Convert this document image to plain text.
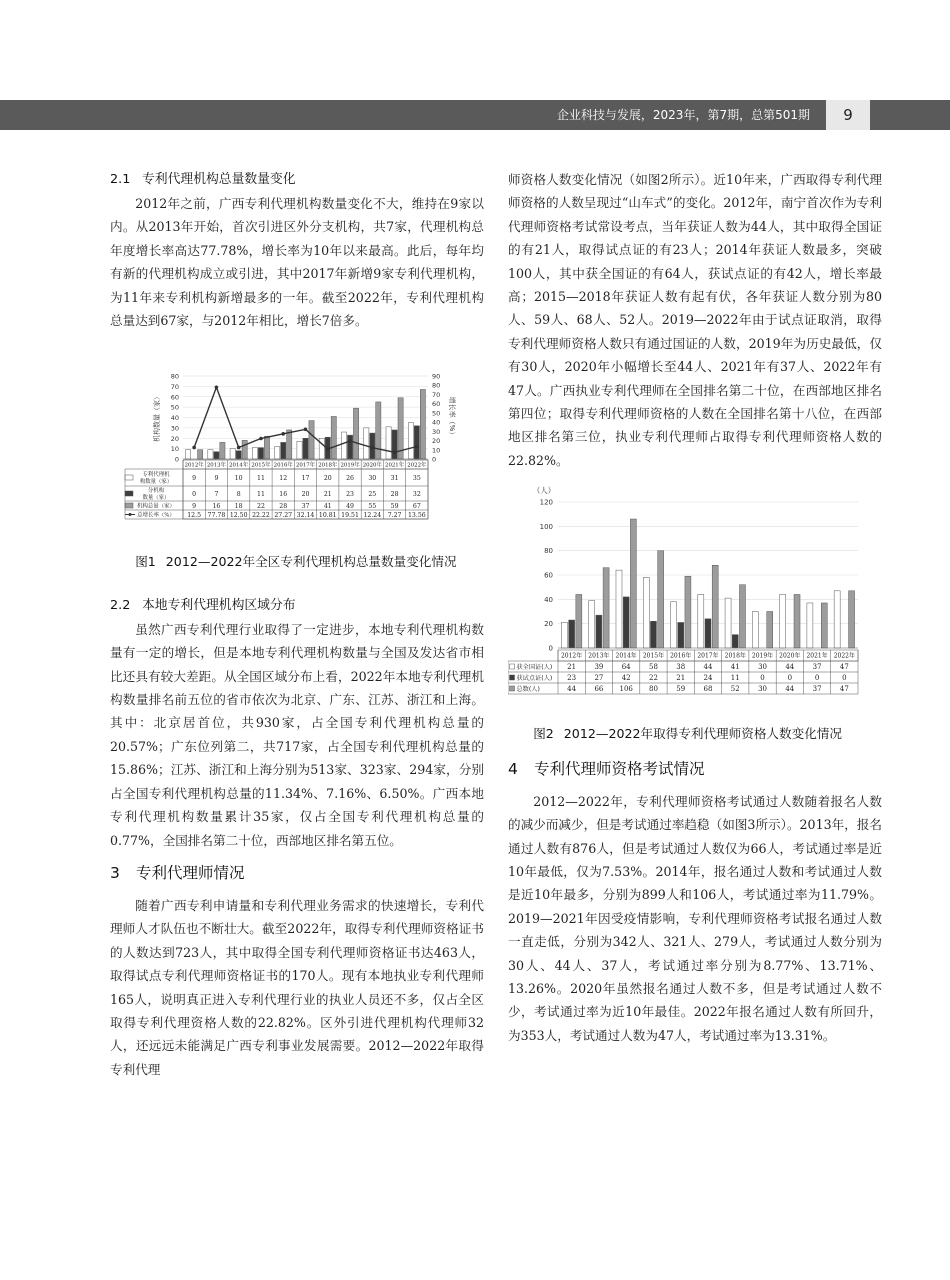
企业科技与发展，2023年，第7期，总第501期	9
2.1 专利代理机构总量数量变化

2012年之前，广西专利代理机构数量变化不大，维持在9家以内。从2013年开始，首次引进区外分支机构，共7家，代理机构总年度增长率高达77.78%，增长率为10年以来最高。此后，每年均有新的代理机构成立或引进，其中2017年新增9家专利代理机构，为11年来专利机构新增最多的一年。截至2022年，专利代理机构总量达到67家，与2012年相比，增长7倍多。

0
10
20
30
40
50
60
70
80
0
10
20
30
40
50
60
70
80
90
机构数量（家）	增长率（%）
2012年 2013年 2014年 2015年 2016年 2017年 2018年 2019年 2020年 2021年 2022年
专利代理机
构数量（家）
9	9	10 11 12 17 20 26 30 31 35
分机构
数量（家）
0	7	8	11 16 20 21 23 25 28 32
机构总量（家）	9	16 18 22 28 37 41 49 55 59 67
总增长率（%） 12.5 77.78 12.50 22.22 27.27 32.14 10.81 19.51 12.24 7.27 13.56

图1 2012—2022年全区专利代理机构总量数量变化情况

2.2 本地专利代理机构区域分布

虽然广西专利代理行业取得了一定进步，本地专利代理机构数量有一定的增长，但是本地专利代理机构数量与全国及发达省市相比还具有较大差距。从全国区域分布上看，2022年本地专利代理机构数量排名前五位的省市依次为北京、广东、江苏、浙江和上海。其中：北京居首位，共930家，占全国专利代理机构总量的20.57%；广东位列第二，共717家，占全国专利代理机构总量的15.86%；江苏、浙江和上海分别为513家、323家、294家，分别占全国专利代理机构总量的11.34%、7.16%、6.50%。广西本地专利代理机构数量累计35家，仅占全国专利代理机构总量的0.77%，全国排名第二十位，西部地区排名第五位。

3 专利代理师情况

随着广西专利申请量和专利代理业务需求的快速增长，专利代理师人才队伍也不断壮大。截至2022年，取得专利代理师资格证书的人数达到723人，其中取得全国专利代理师资格证书达463人，取得试点专利代理师资格证书的170人。现有本地执业专利代理师165人，说明真正进入专利代理行业的执业人员还不多，仅占全区取得专利代理资格人数的22.82%。区外引进代理机构代理师32人，还远远未能满足广西专利事业发展需要。2012—2022年取得专利代理

师资格人数变化情况（如图2所示）。近10年来，广西取得专利代理师资格的人数呈现过“山车式”的变化。2012年，南宁首次作为专利代理师资格考试常设考点，当年获证人数为44人，其中取得全国证的有21人，取得试点证的有23人；2014年获证人数最多，突破100人，其中获全国证的有64人，获试点证的有42人，增长率最高；2015—2018年获证人数有起有伏，各年获证人数分别为80人、59人、68人、52人。2019—2022年由于试点证取消，取得专利代理师资格人数只有通过国证的人数，2019年为历史最低，仅有30人，2020年小幅增长至44人、2021年有37人、2022年有47人。广西执业专利代理师在全国排名第二十位，在西部地区排名第四位；取得专利代理师资格的人数在全国排名第十八位，在西部地区排名第三位，执业专利代理师占取得专利代理师资格人数的22.82%。

（人）
0
20
40
60
80
100
120
2012年 2013年 2014年 2015年 2016年 2017年 2018年 2019年 2020年 2021年 2022年
获全国证(人) 21	39	64	58	38	44	41	30	44	37	47
获试点证(人) 23	27	42	22	21	24	11	0	0	0	0
总数(人)	44	66 106 80	59	68	52	30	44	37	47

图2 2012—2022年取得专利代理师资格人数变化情况

4 专利代理师资格考试情况

2012—2022年，专利代理师资格考试通过人数随着报名人数的减少而减少，但是考试通过率趋稳（如图3所示）。2013年，报名通过人数有876人，但是考试通过人数仅为66人，考试通过率是近10年最低，仅为7.53%。2014年，报名通过人数和考试通过人数是近10年最多，分别为899人和106人，考试通过率为11.79%。2019—2021年因受疫情影响，专利代理师资格考试报名通过人数一直走低，分别为342人、321人、279人，考试通过人数分别为30人、44人、37人，考试通过率分别为8.77%、13.71%、13.26%。2020年虽然报名通过人数不多，但是考试通过人数不少，考试通过率为近10年最佳。2022年报名通过人数有所回升，为353人，考试通过人数为47人，考试通过率为13.31%。
